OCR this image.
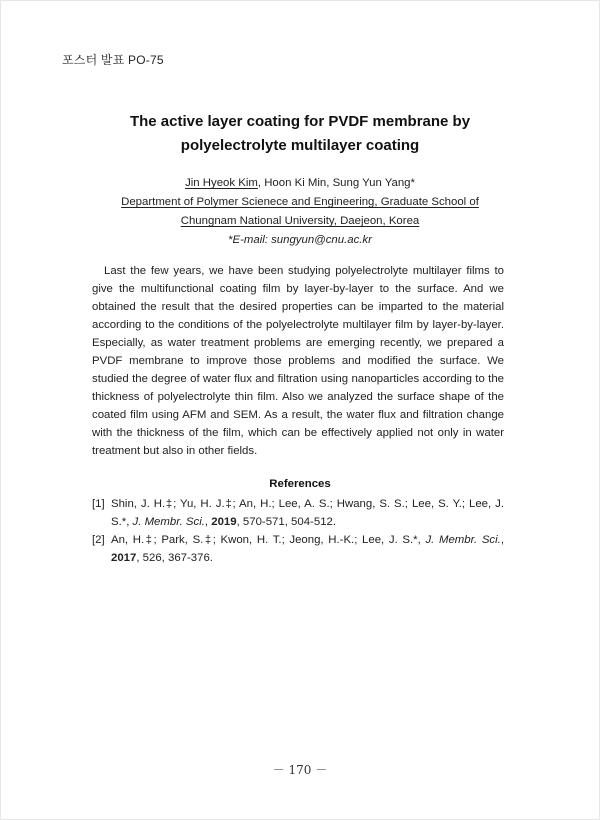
포스터 발표 PO-75
The active layer coating for PVDF membrane by
polyelectrolyte multilayer coating
Jin Hyeok Kim, Hoon Ki Min, Sung Yun Yang*
Department of Polymer Scienece and Engineering, Graduate School of
Chungnam National University, Daejeon, Korea
*E-mail: sungyun@cnu.ac.kr

Last the few years, we have been studying polyelectrolyte multilayer films to give the multifunctional coating film by layer-by-layer to the surface. And we obtained the result that the desired properties can be imparted to the material according to the conditions of the polyelectrolyte multilayer film by layer-by-layer. Especially, as water treatment problems are emerging recently, we prepared a PVDF membrane to improve those problems and modified the surface. We studied the degree of water flux and filtration using nanoparticles according to the thickness of polyelectrolyte thin film. Also we analyzed the surface shape of the coated film using AFM and SEM. As a result, the water flux and filtration change with the thickness of the film, which can be effectively applied not only in water treatment but also in other fields.

References
[1] Shin, J. H.‡; Yu, H. J.‡; An, H.; Lee, A. S.; Hwang, S. S.; Lee, S. Y.; Lee, J. S.*, J. Membr. Sci., 2019, 570-571, 504-512.
[2] An, H.‡; Park, S.‡; Kwon, H. T.; Jeong, H.-K.; Lee, J. S.*, J. Membr. Sci., 2017, 526, 367-376.
－ 170 －
